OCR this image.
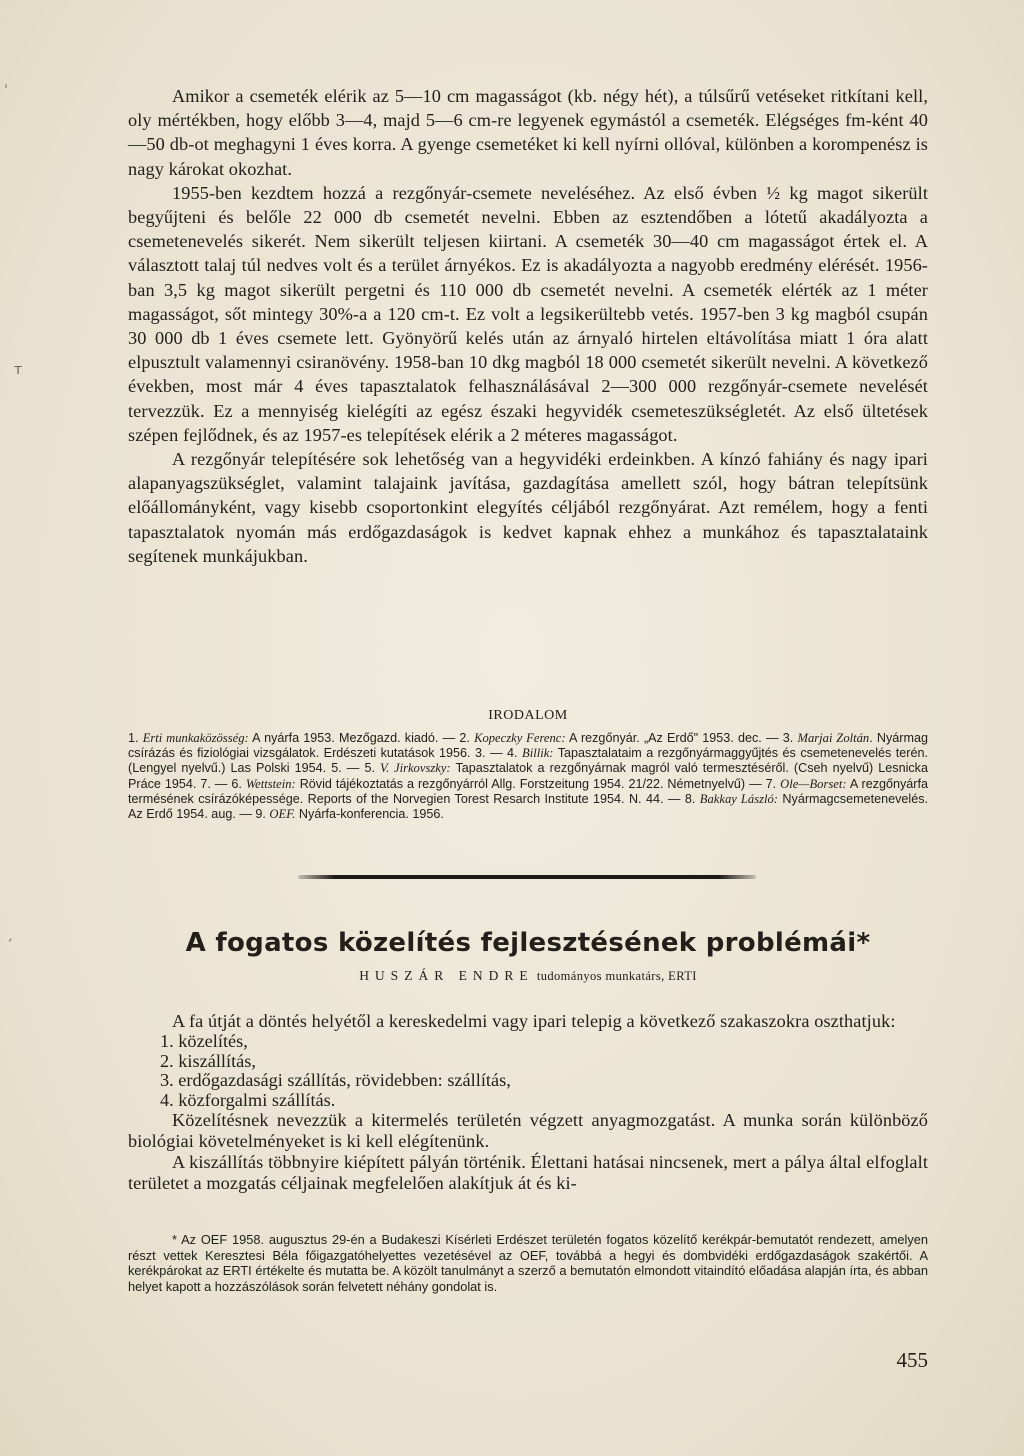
ˌ
ᴛ
ˏ

Amikor a csemeték elérik az 5—10 cm magasságot (kb. négy hét), a túlsűrű vetéseket ritkítani kell, oly mértékben, hogy előbb 3—4, majd 5—6 cm-re legyenek egymástól a csemeték. Elégséges fm-ként 40—50 db-ot meghagyni 1 éves korra. A gyenge csemetéket ki kell nyírni ollóval, különben a korompenész is nagy károkat okozhat.

1955-ben kezdtem hozzá a rezgőnyár-csemete neveléséhez. Az első évben ½ kg magot sikerült begyűjteni és belőle 22 000 db csemetét nevelni. Ebben az esztendőben a lótetű akadályozta a csemetenevelés sikerét. Nem sikerült teljesen kiirtani. A csemeték 30—40 cm magasságot értek el. A választott talaj túl nedves volt és a terület árnyékos. Ez is akadályozta a nagyobb eredmény elérését. 1956-ban 3,5 kg magot sikerült pergetni és 110 000 db csemetét nevelni. A csemeték elérték az 1 méter magasságot, sőt mintegy 30%-a a 120 cm-t. Ez volt a legsikerültebb vetés. 1957-ben 3 kg magból csupán 30 000 db 1 éves csemete lett. Gyönyörű kelés után az árnyaló hirtelen eltávolítása miatt 1 óra alatt elpusztult valamennyi csiranövény. 1958-ban 10 dkg magból 18 000 csemetét sikerült nevelni. A következő években, most már 4 éves tapasztalatok felhasználásával 2—300 000 rezgőnyár-csemete nevelését tervezzük. Ez a mennyiség kielégíti az egész északi hegyvidék csemeteszükségletét. Az első ültetések szépen fejlődnek, és az 1957-es telepítések elérik a 2 méteres magasságot.

A rezgőnyár telepítésére sok lehetőség van a hegyvidéki erdeinkben. A kínzó fahiány és nagy ipari alapanyagszükséglet, valamint talajaink javítása, gazdagítása amellett szól, hogy bátran telepítsünk előállományként, vagy kisebb csoportonkint elegyítés céljából rezgőnyárat. Azt remélem, hogy a fenti tapasztalatok nyomán más erdőgazdaságok is kedvet kapnak ehhez a munkához és tapasztalataink segítenek munkájukban.

IRODALOM
1. Erti munkaközösség: A nyárfa 1953. Mezőgazd. kiadó. — 2. Kopeczky Ferenc: A rezgőnyár. „Az Erdő" 1953. dec. — 3. Marjai Zoltán. Nyármag csírázás és fiziológiai vizsgálatok. Erdészeti kutatások 1956. 3. — 4. Billik: Tapasztalataim a rezgőnyármaggyűjtés és csemetenevelés terén. (Lengyel nyelvű.) Las Polski 1954. 5. — 5. V. Jirkovszky: Tapasztalatok a rezgőnyárnak magról való termesztéséről. (Cseh nyelvű) Lesnicka Práce 1954. 7. — 6. Wettstein: Rövid tájékoztatás a rezgőnyárról Allg. Forstzeitung 1954. 21/22. Németnyelvű) — 7. Ole—Borset: A rezgőnyárfa termésének csírázóképessége. Reports of the Norvegien Torest Resarch Institute 1954. N. 44. — 8. Bakkay László: Nyármagcsemetenevelés. Az Erdő 1954. aug. — 9. OEF. Nyárfa-konferencia. 1956.
A fogatos közelítés fejlesztésének problémái*
HUSZÁR ENDRE tudományos munkatárs, ERTI

A fa útját a döntés helyétől a kereskedelmi vagy ipari telepig a következő szakaszokra oszthatjuk:

1. közelítés,
2. kiszállítás,
3. erdőgazdasági szállítás, rövidebben: szállítás,
4. közforgalmi szállítás.

Közelítésnek nevezzük a kitermelés területén végzett anyagmozgatást. A munka során különböző biológiai követelményeket is ki kell elégítenünk.

A kiszállítás többnyire kiépített pályán történik. Élettani hatásai nincsenek, mert a pálya által elfoglalt területet a mozgatás céljainak megfelelően alakítjuk át és ki-

* Az OEF 1958. augusztus 29-én a Budakeszi Kísérleti Erdészet területén fogatos közelítő kerékpár-bemutatót rendezett, amelyen részt vettek Keresztesi Béla főigazgatóhelyettes vezetésével az OEF, továbbá a hegyi és dombvidéki erdőgazdaságok szakértői. A kerékpárokat az ERTI értékelte és mutatta be. A közölt tanulmányt a szerző a bemutatón elmondott vitaindító előadása alapján írta, és abban helyet kapott a hozzászólások során felvetett néhány gondolat is.
455
